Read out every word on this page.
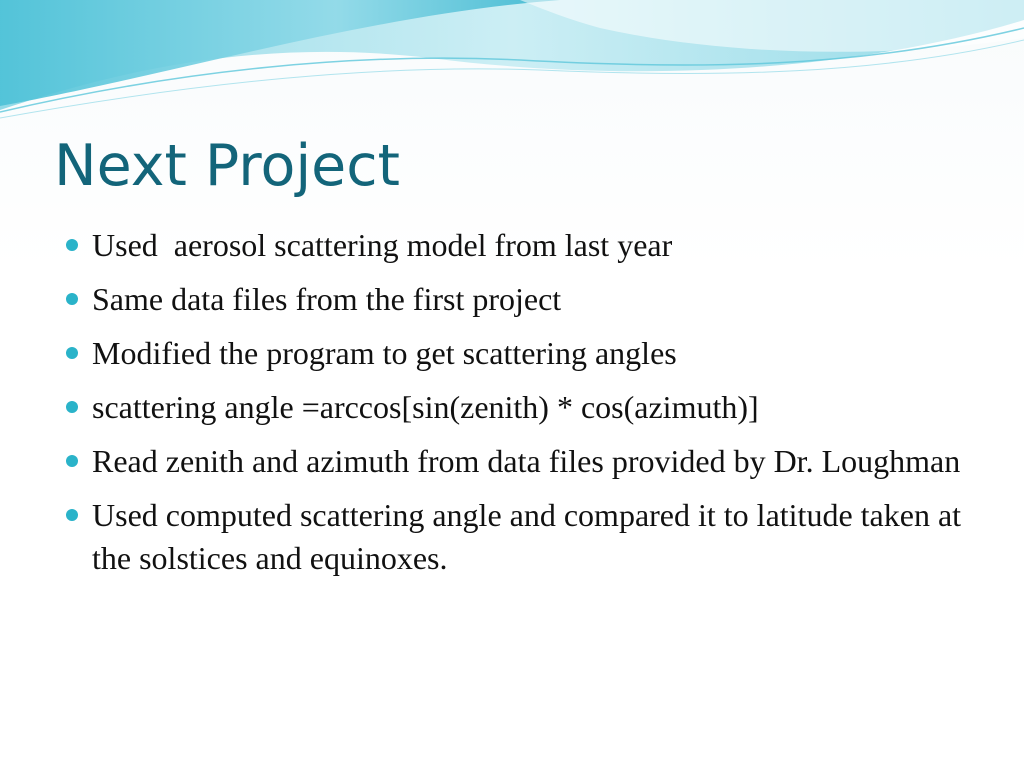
Next Project
Used  aerosol scattering model from last year
Same data files from the first project
Modified the program to get scattering angles
scattering angle =arccos[sin(zenith) * cos(azimuth)]
Read zenith and azimuth from data files provided by Dr. Loughman
Used computed scattering angle and compared it to latitude taken at the solstices and equinoxes.
